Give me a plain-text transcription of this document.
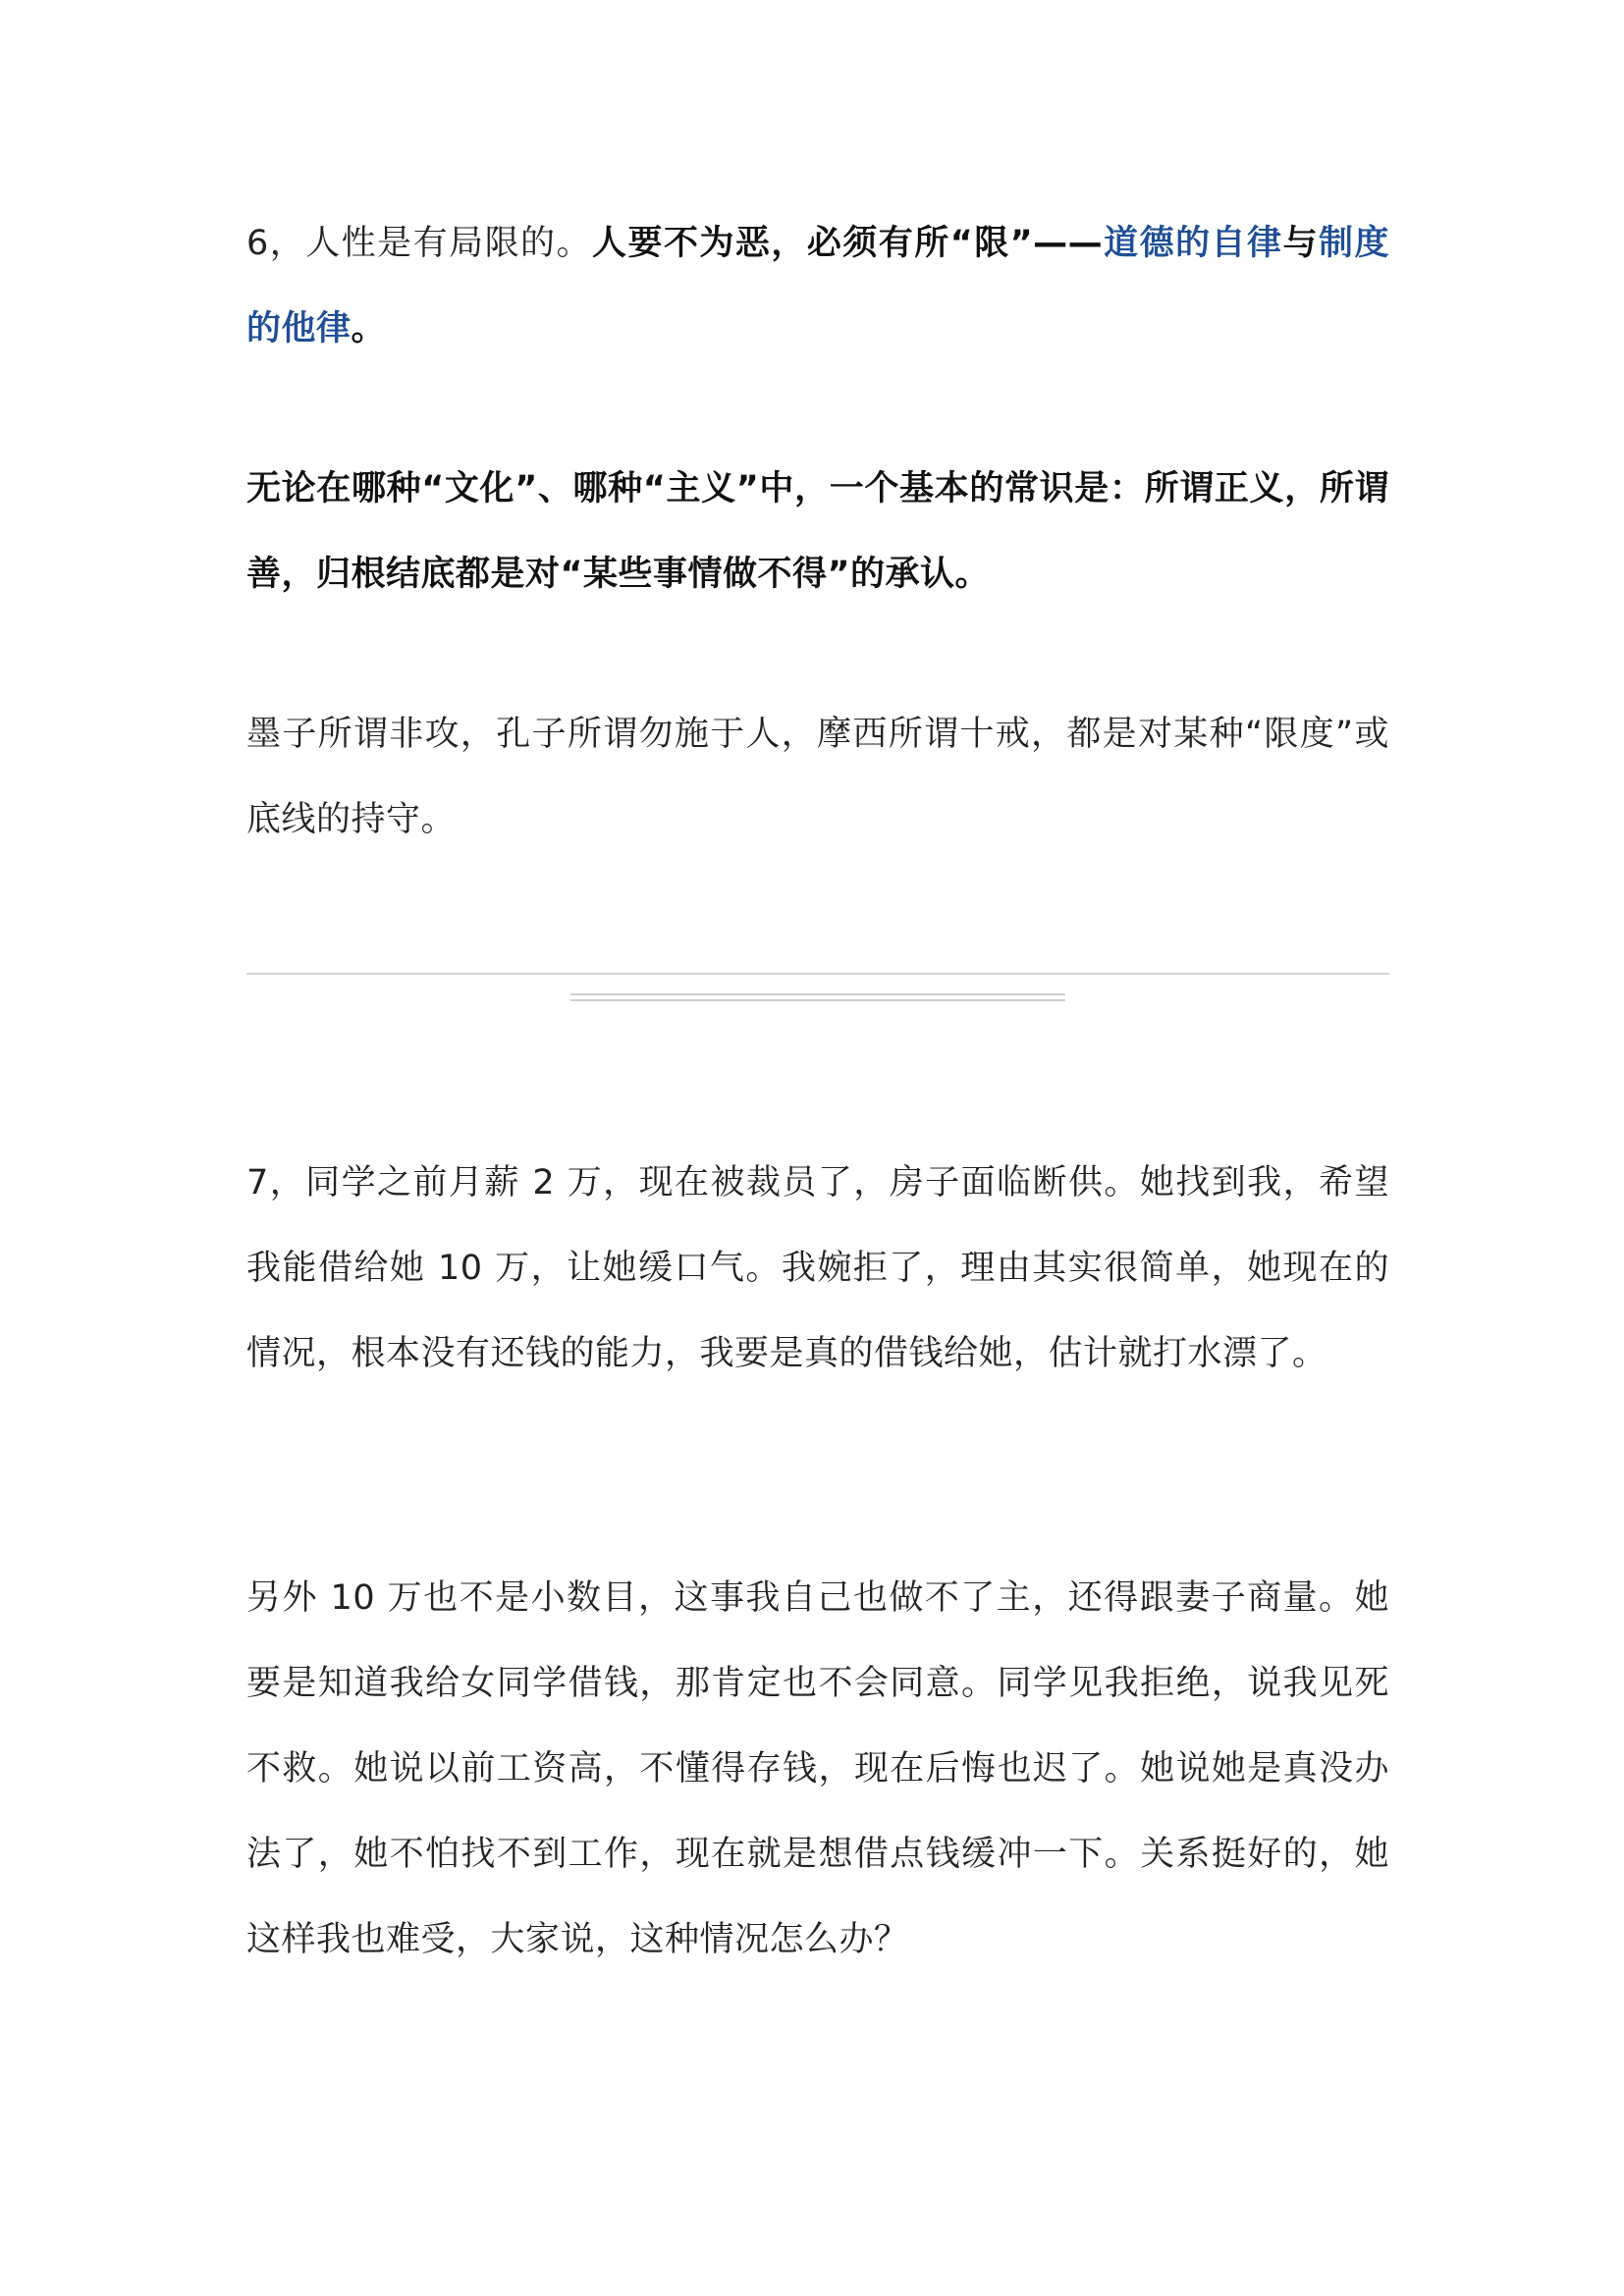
6，人性是有局限的。人要不为恶，必须有所“限”——道德的自律与制度的他律。

无论在哪种“文化”、哪种“主义”中，一个基本的常识是：所谓正义，所谓善，归根结底都是对“某些事情做不得”的承认。

墨子所谓非攻，孔子所谓勿施于人，摩西所谓十戒，都是对某种“限度”或底线的持守。

7，同学之前月薪 2 万，现在被裁员了，房子面临断供。她找到我，希望我能借给她 10 万，让她缓口气。我婉拒了，理由其实很简单，她现在的情况，根本没有还钱的能力，我要是真的借钱给她，估计就打水漂了。

另外 10 万也不是小数目，这事我自己也做不了主，还得跟妻子商量。她要是知道我给女同学借钱，那肯定也不会同意。同学见我拒绝，说我见死不救。她说以前工资高，不懂得存钱，现在后悔也迟了。她说她是真没办法了，她不怕找不到工作，现在就是想借点钱缓冲一下。关系挺好的，她这样我也难受，大家说，这种情况怎么办？
